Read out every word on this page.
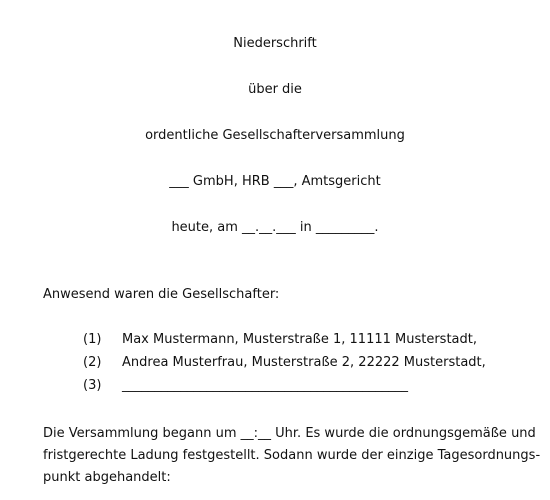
Niederschrift
über die
ordentliche Gesellschafterversammlung
___ GmbH, HRB ___, Amtsgericht
heute, am __.__.___ in _________.
Anwesend waren die Gesellschafter:
(1) Max Mustermann, Musterstraße 1, 11111 Musterstadt,
(2) Andrea Musterfrau, Musterstraße 2, 22222 Musterstadt,
(3) ____________________________________________
Die Versammlung begann um __:__ Uhr. Es wurde die ordnungsgemäße und
fristgerechte Ladung festgestellt. Sodann wurde der einzige Tagesordnungs-
punkt abgehandelt:
